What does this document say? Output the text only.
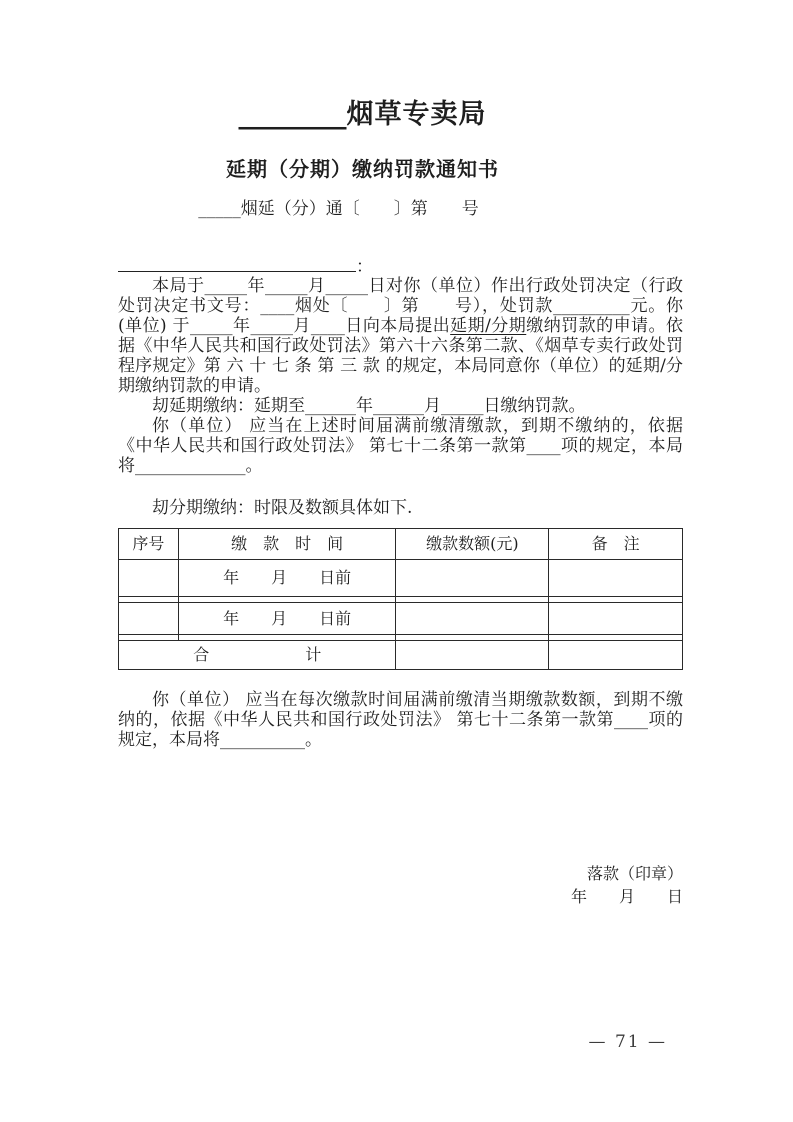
________烟草专卖局
延期（分期）缴纳罚款通知书
_____烟延（分）通〔　　〕第　　号
：

本局于_____年_____月_____日对你（单位）作出行政处罚决定（行政处罚决定书文号：____烟处〔　　〕第　　号），处罚款_________元。你(单位) 于_____年_____月____日向本局提出延期/分期缴纳罚款的申请。依据《中华人民共和国行政处罚法》第六十六条第二款、《烟草专卖行政处罚程序规定》第 六 十 七 条 第 三 款 的规定，本局同意你（单位）的延期/分期缴纳罚款的申请。

刧延期缴纳：延期至______年______月_____日缴纳罚款。

你（单位） 应当在上述时间届满前缴清缴款，到期不缴纳的，依据《中华人民共和国行政处罚法》 第七十二条第一款第____项的规定，本局将_____________。

刧分期缴纳：时限及数额具体如下.

序号	缴　款　时　间	缴款数额(元)	备　注
	年　　月　　日前		

	年　　月　　日前		

合　　　　　　计			

你（单位） 应当在每次缴款时间届满前缴清当期缴款数额，到期不缴纳的，依据《中华人民共和国行政处罚法》 第七十二条第一款第____项的规定，本局将__________。

落款（印章）
年　　月　　日
— 71 —
